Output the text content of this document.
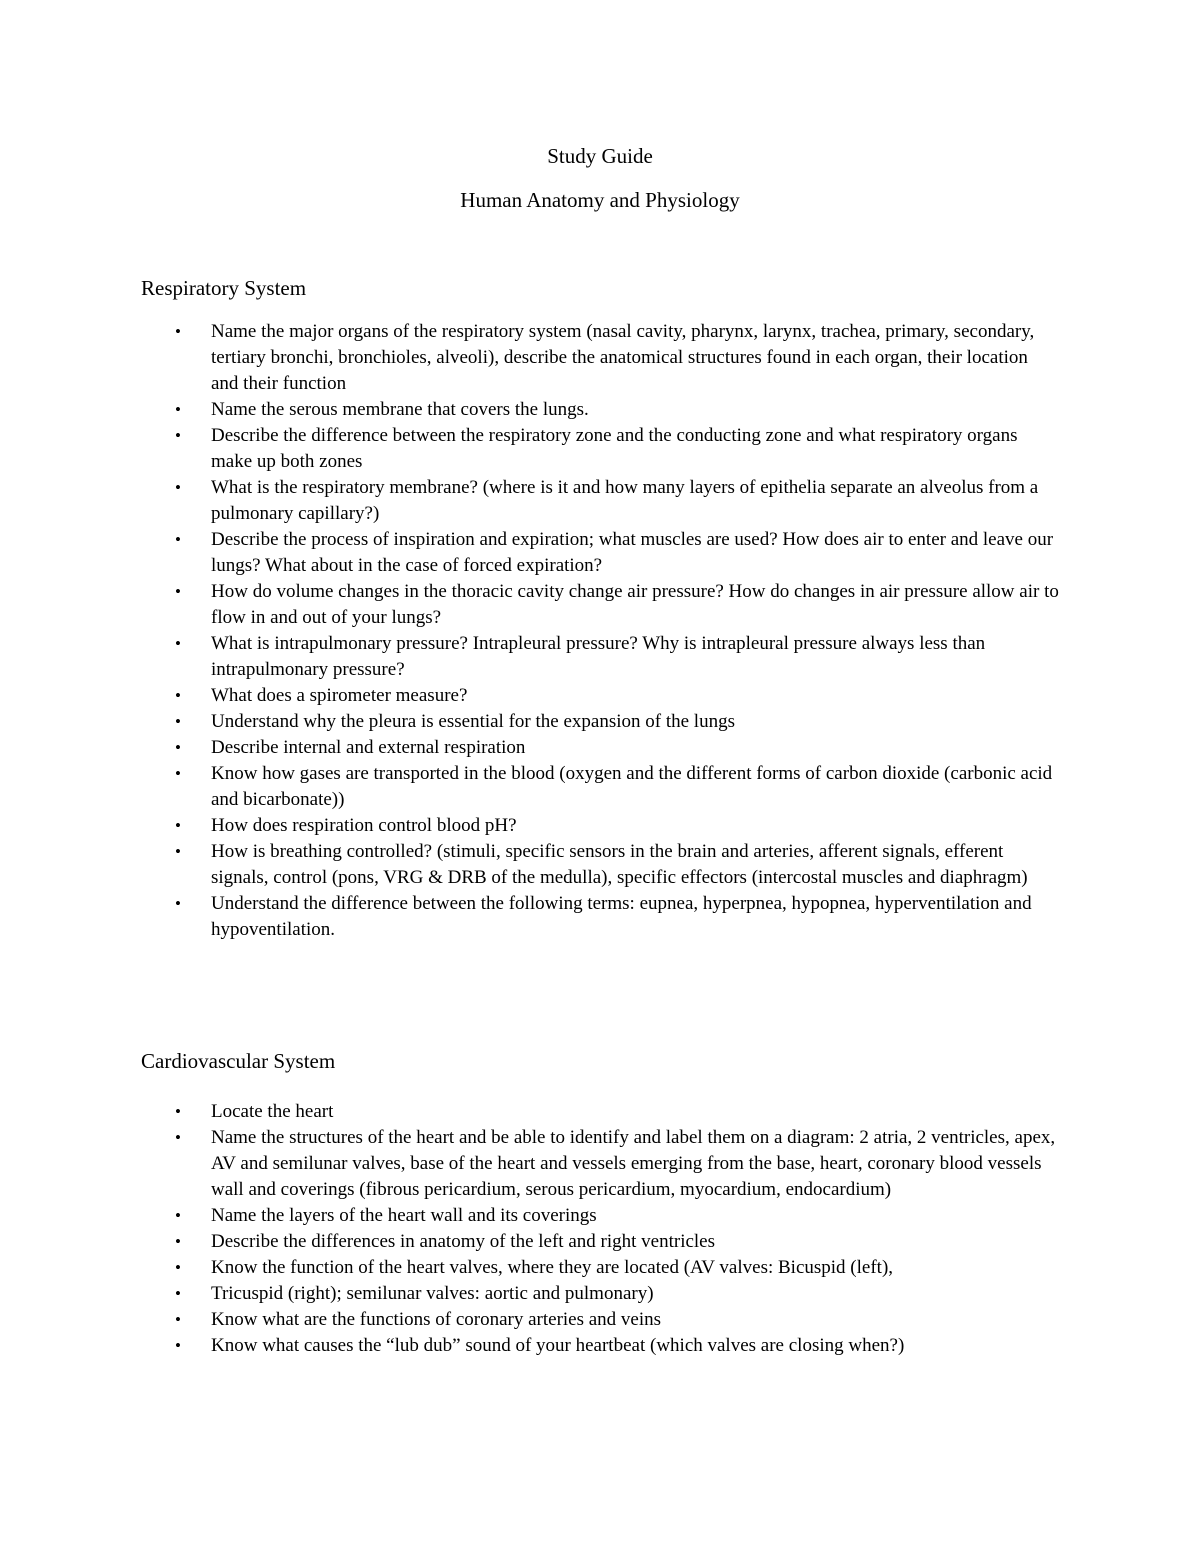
Study Guide
Human Anatomy and Physiology
Respiratory System
• Name the major organs of the respiratory system (nasal cavity, pharynx, larynx, trachea, primary, secondary, tertiary bronchi, bronchioles, alveoli), describe the anatomical structures found in each organ, their location and their function
• Name the serous membrane that covers the lungs.
• Describe the difference between the respiratory zone and the conducting zone and what respiratory organs make up both zones
• What is the respiratory membrane? (where is it and how many layers of epithelia separate an alveolus from a pulmonary capillary?)
• Describe the process of inspiration and expiration; what muscles are used? How does air to enter and leave our lungs? What about in the case of forced expiration?
• How do volume changes in the thoracic cavity change air pressure? How do changes in air pressure allow air to flow in and out of your lungs?
• What is intrapulmonary pressure? Intrapleural pressure? Why is intrapleural pressure always less than intrapulmonary pressure?
• What does a spirometer measure?
• Understand why the pleura is essential for the expansion of the lungs
• Describe internal and external respiration
• Know how gases are transported in the blood (oxygen and the different forms of carbon dioxide (carbonic acid and bicarbonate))
• How does respiration control blood pH?
• How is breathing controlled? (stimuli, specific sensors in the brain and arteries, afferent signals, efferent signals, control (pons, VRG & DRB of the medulla), specific effectors (intercostal muscles and diaphragm)
• Understand the difference between the following terms: eupnea, hyperpnea, hypopnea, hyperventilation and hypoventilation.
Cardiovascular System
• Locate the heart
• Name the structures of the heart and be able to identify and label them on a diagram: 2 atria, 2 ventricles, apex, AV and semilunar valves, base of the heart and vessels emerging from the base, heart, coronary blood vessels wall and coverings (fibrous pericardium, serous pericardium, myocardium, endocardium)
• Name the layers of the heart wall and its coverings
• Describe the differences in anatomy of the left and right ventricles
• Know the function of the heart valves, where they are located (AV valves: Bicuspid (left),
• Tricuspid (right); semilunar valves: aortic and pulmonary)
• Know what are the functions of coronary arteries and veins
• Know what causes the “lub dub” sound of your heartbeat (which valves are closing when?)
